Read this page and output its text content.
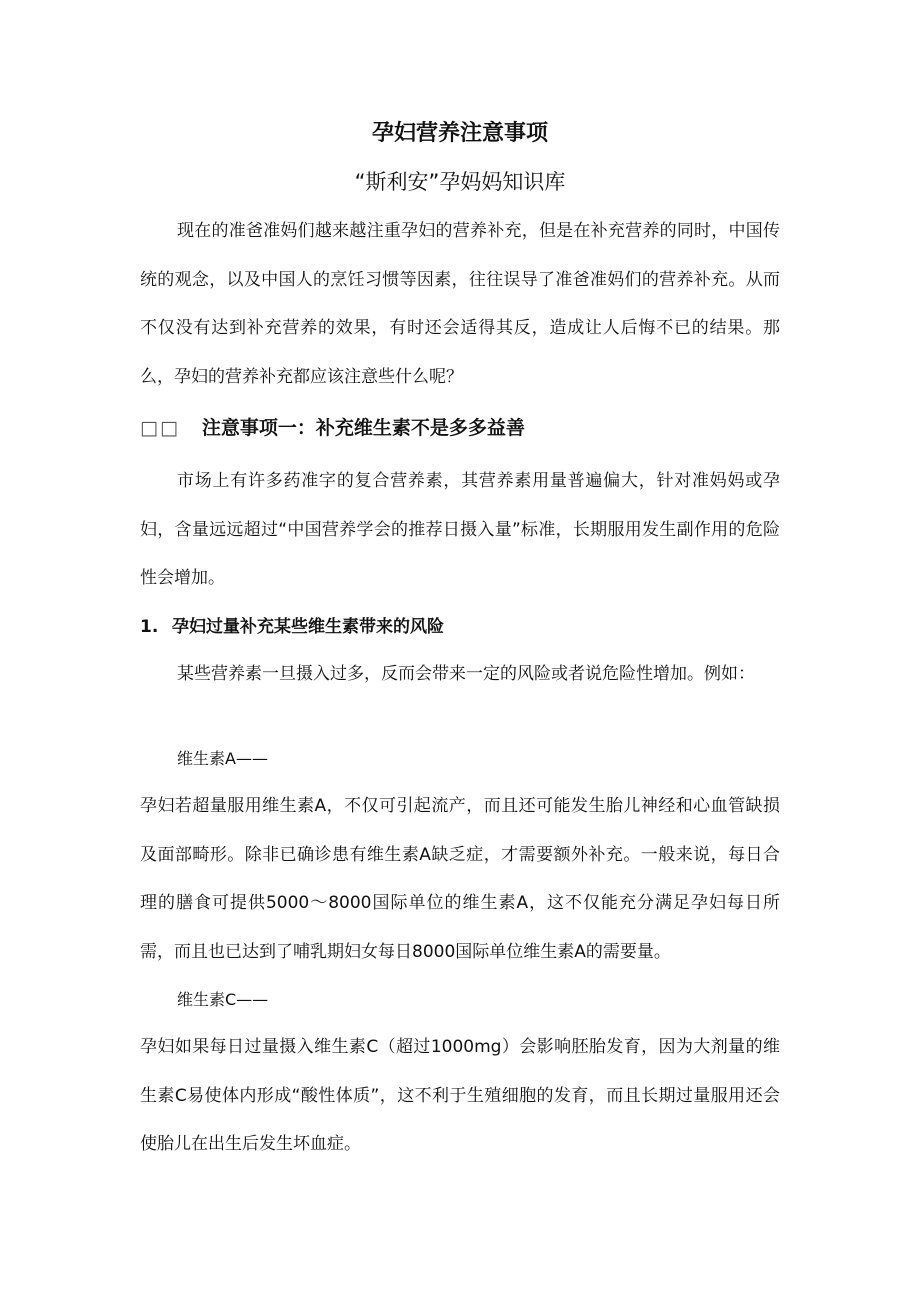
孕妇营养注意事项
“斯利安”孕妈妈知识库

现在的准爸准妈们越来越注重孕妇的营养补充，但是在补充营养的同时，中国传统的观念，以及中国人的烹饪习惯等因素，往往误导了准爸准妈们的营养补充。从而不仅没有达到补充营养的效果，有时还会适得其反，造成让人后悔不已的结果。那么，孕妇的营养补充都应该注意些什么呢？

□□ 注意事项一：补充维生素不是多多益善

市场上有许多药准字的复合营养素，其营养素用量普遍偏大，针对准妈妈或孕妇，含量远远超过“中国营养学会的推荐日摄入量”标准，长期服用发生副作用的危险性会增加。

1. 孕妇过量补充某些维生素带来的风险

某些营养素一旦摄入过多，反而会带来一定的风险或者说危险性增加。例如：

维生素A——

孕妇若超量服用维生素A，不仅可引起流产，而且还可能发生胎儿神经和心血管缺损及面部畸形。除非已确诊患有维生素A缺乏症，才需要额外补充。一般来说，每日合理的膳食可提供5000～8000国际单位的维生素A，这不仅能充分满足孕妇每日所需，而且也已达到了哺乳期妇女每日8000国际单位维生素A的需要量。

维生素C——

孕妇如果每日过量摄入维生素C（超过1000mg）会影响胚胎发育，因为大剂量的维生素C易使体内形成“酸性体质”，这不利于生殖细胞的发育，而且长期过量服用还会使胎儿在出生后发生坏血症。
